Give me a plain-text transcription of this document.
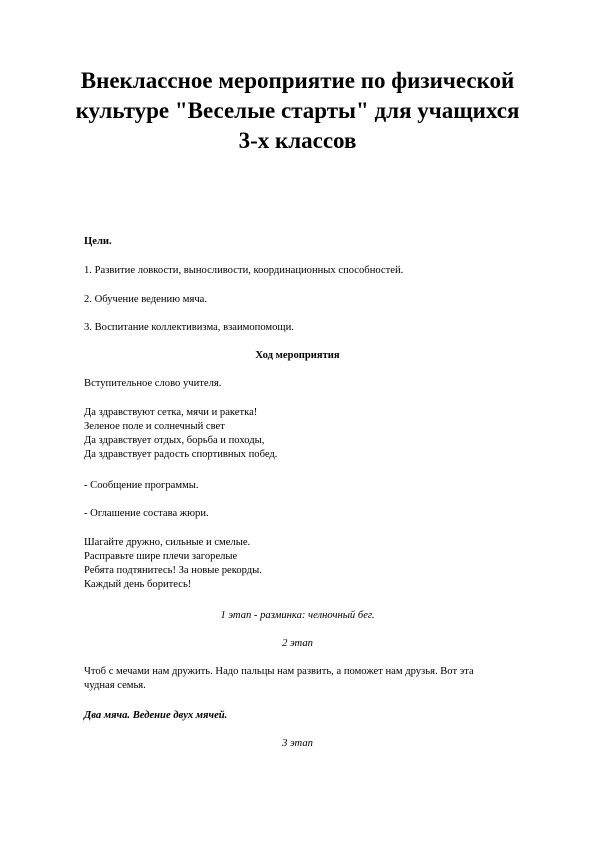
Внеклассное мероприятие по физической
культуре "Веселые старты" для учащихся
3-х классов
Цели.
1. Развитие ловкости, выносливости, координационных способностей.
2. Обучение ведению мяча.
3. Воспитание коллективизма, взаимопомощи.
Ход мероприятия
Вступительное слово учителя.
Да здравствуют сетка, мячи и ракетка!
Зеленое поле и солнечный свет
Да здравствует отдых, борьба и походы,
Да здравствует радость спортивных побед.
- Сообщение программы.
- Оглашение состава жюри.
Шагайте дружно, сильные и смелые.
Расправьте шире плечи загорелые
Ребята подтянитесь! За новые рекорды.
Каждый день боритесь!
1 этап - разминка: челночный бег.
2 этап
Чтоб с мечами нам дружить. Надо пальцы нам развить, а поможет нам друзья. Вот эта
чудная семья.
Два мяча. Ведение двух мячей.
3 этап
